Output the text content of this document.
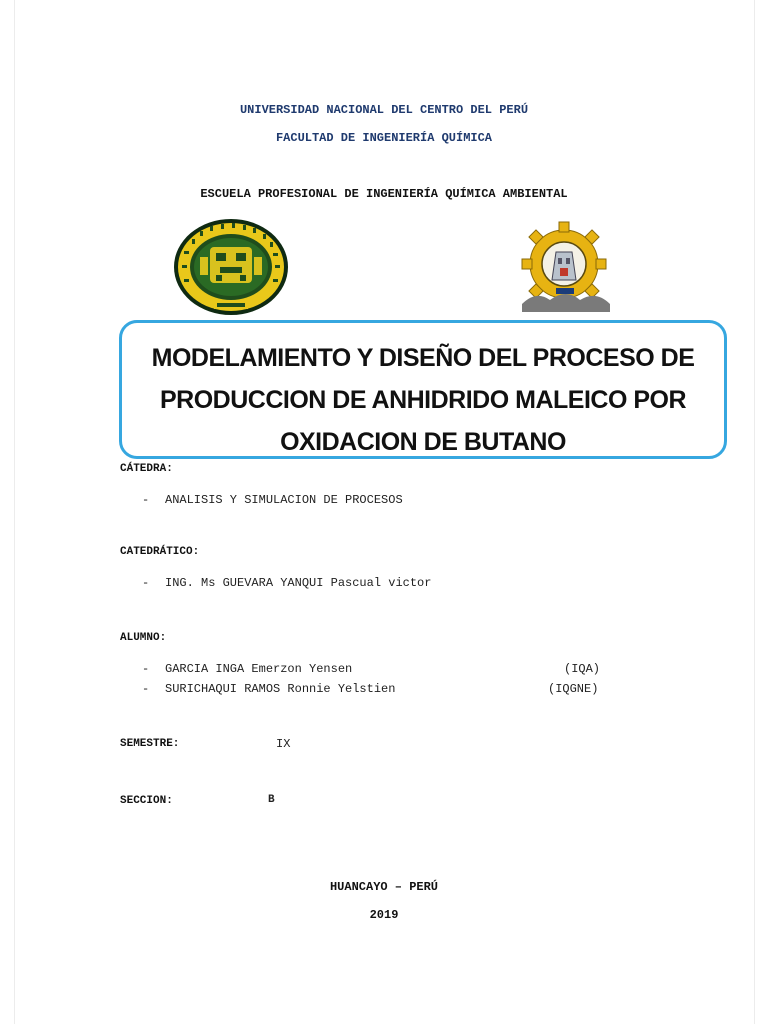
UNIVERSIDAD NACIONAL DEL CENTRO DEL PERÚ
FACULTAD DE INGENIERÍA QUÍMICA
ESCUELA PROFESIONAL DE INGENIERÍA QUÍMICA AMBIENTAL
MODELAMIENTO Y DISEÑO DEL PROCESO DE
PRODUCCION DE ANHIDRIDO MALEICO POR
OXIDACION DE BUTANO
CÁTEDRA:
- ANALISIS Y SIMULACION DE PROCESOS
CATEDRÁTICO:
- ING. Ms GUEVARA YANQUI Pascual victor
ALUMNO:
- GARCIA INGA Emerzon Yensen	(IQA)
- SURICHAQUI RAMOS Ronnie Yelstien	(IQGNE)
SEMESTRE:	IX
SECCION:	B
HUANCAYO – PERÚ
2019
